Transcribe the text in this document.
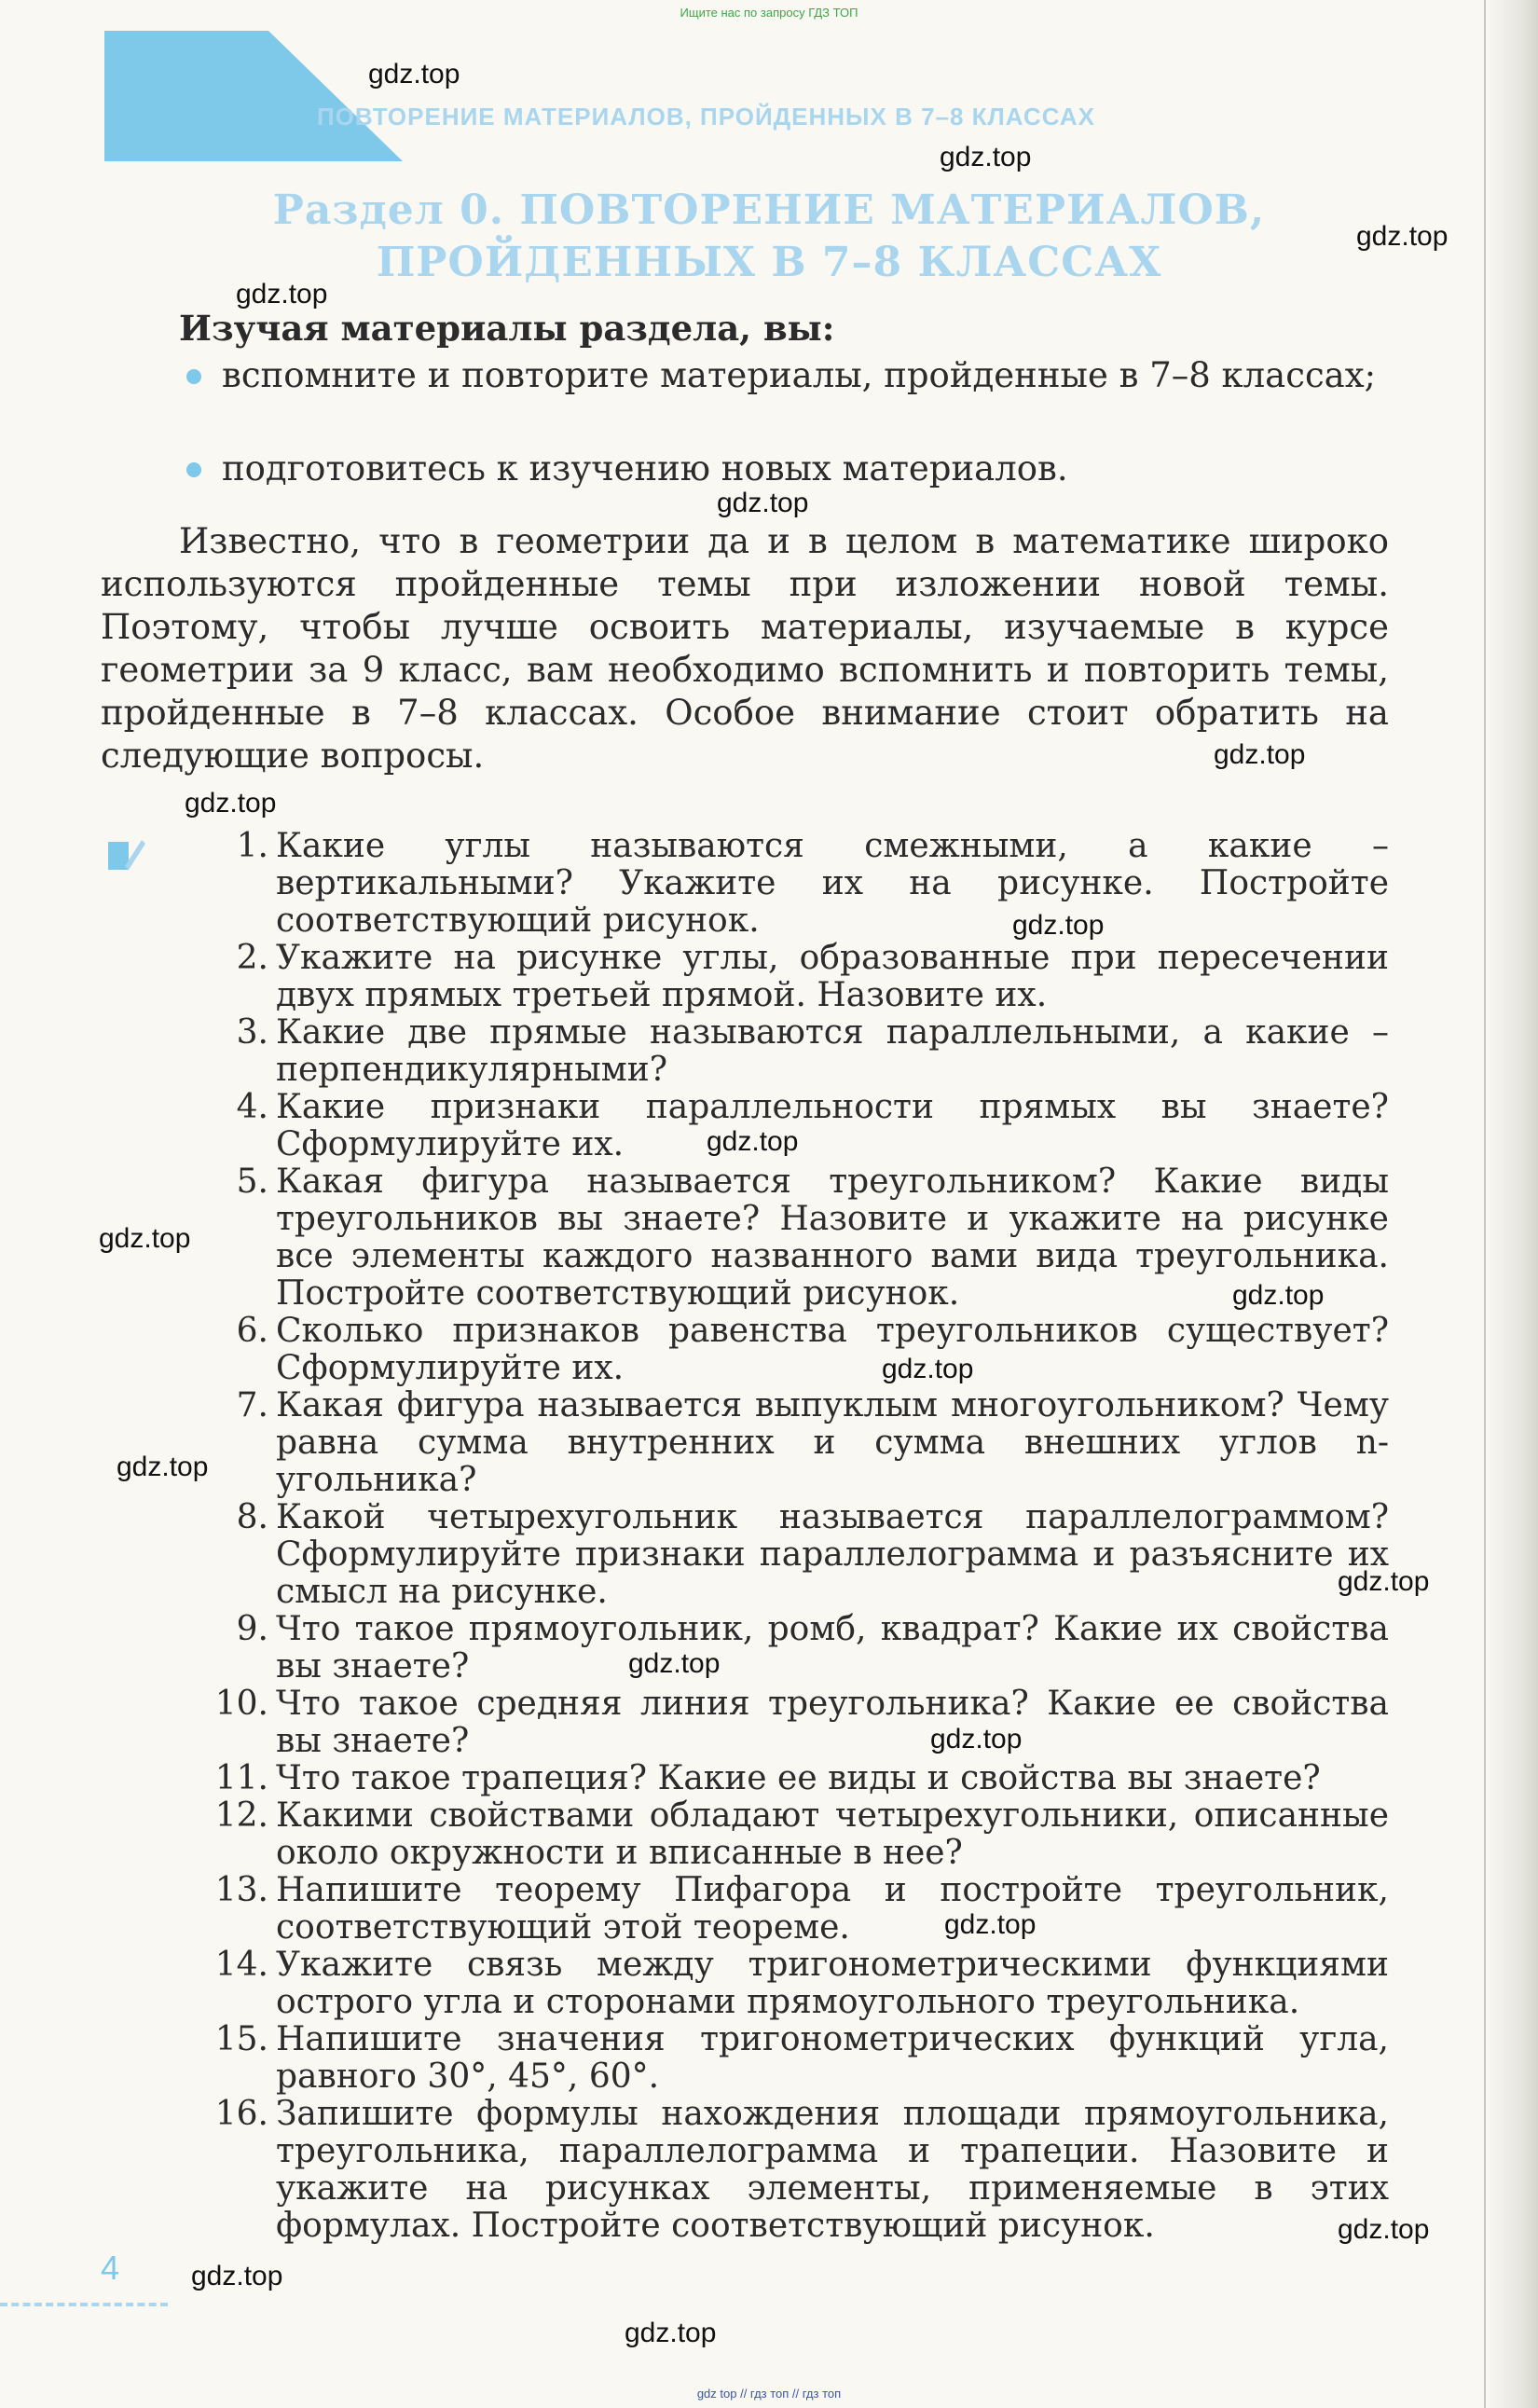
Ищите нас по запросу ГДЗ ТОП
ПОВТОРЕНИЕ МАТЕРИАЛОВ, ПРОЙДЕННЫХ В 7–8 КЛАССАХ
Раздел 0. ПОВТОРЕНИЕ МАТЕРИАЛОВ,
ПРОЙДЕННЫХ В 7–8 КЛАССАХ
Изучая материалы раздела, вы:
вспомните и повторите материалы, пройденные в 7–8 классах;
подготовитесь к изучению новых материалов.
Известно, что в геометрии да и в целом в математике широко используются пройденные темы при изложении новой темы. Поэтому, чтобы лучше освоить материалы, изучаемые в курсе геометрии за 9 класс, вам необходимо вспомнить и повторить темы, пройденные в 7–8 классах. Особое внимание стоит обратить на следующие вопросы.
1. Какие углы называются смежными, а какие – вертикальными? Укажите их на рисунке. Постройте соответствующий рисунок.
2. Укажите на рисунке углы, образованные при пересечении двух прямых третьей прямой. Назовите их.
3. Какие две прямые называются параллельными, а какие – перпендикулярными?
4. Какие признаки параллельности прямых вы знаете? Сформулируйте их.
5. Какая фигура называется треугольником? Какие виды треугольников вы знаете? Назовите и укажите на рисунке все элементы каждого названного вами вида треугольника. Постройте соответствующий рисунок.
6. Сколько признаков равенства треугольников существует? Сформулируйте их.
7. Какая фигура называется выпуклым многоугольником? Чему равна сумма внутренних и сумма внешних углов n-угольника?
8. Какой четырехугольник называется параллелограммом? Сформулируйте признаки параллелограмма и разъясните их смысл на рисунке.
9. Что такое прямоугольник, ромб, квадрат? Какие их свойства вы знаете?
10. Что такое средняя линия треугольника? Какие ее свойства вы знаете?
11. Что такое трапеция? Какие ее виды и свойства вы знаете?
12. Какими свойствами обладают четырехугольники, описанные около окружности и вписанные в нее?
13. Напишите теорему Пифагора и постройте треугольник, соответствующий этой теореме.
14. Укажите связь между тригонометрическими функциями острого угла и сторонами прямоугольного треугольника.
15. Напишите значения тригонометрических функций угла, равного 30°, 45°, 60°.
16. Запишите формулы нахождения площади прямоугольника, треугольника, параллелограмма и трапеции. Назовите и укажите на рисунках элементы, применяемые в этих формулах. Постройте соответствующий рисунок.
4
gdz.top
gdz.top
gdz.top
gdz.top
gdz.top
gdz.top
gdz.top
gdz.top
gdz.top
gdz.top
gdz.top
gdz.top
gdz.top
gdz.top
gdz.top
gdz.top
gdz.top
gdz.top
gdz.top
gdz.top
gdz top // гдз топ // гдз топ
